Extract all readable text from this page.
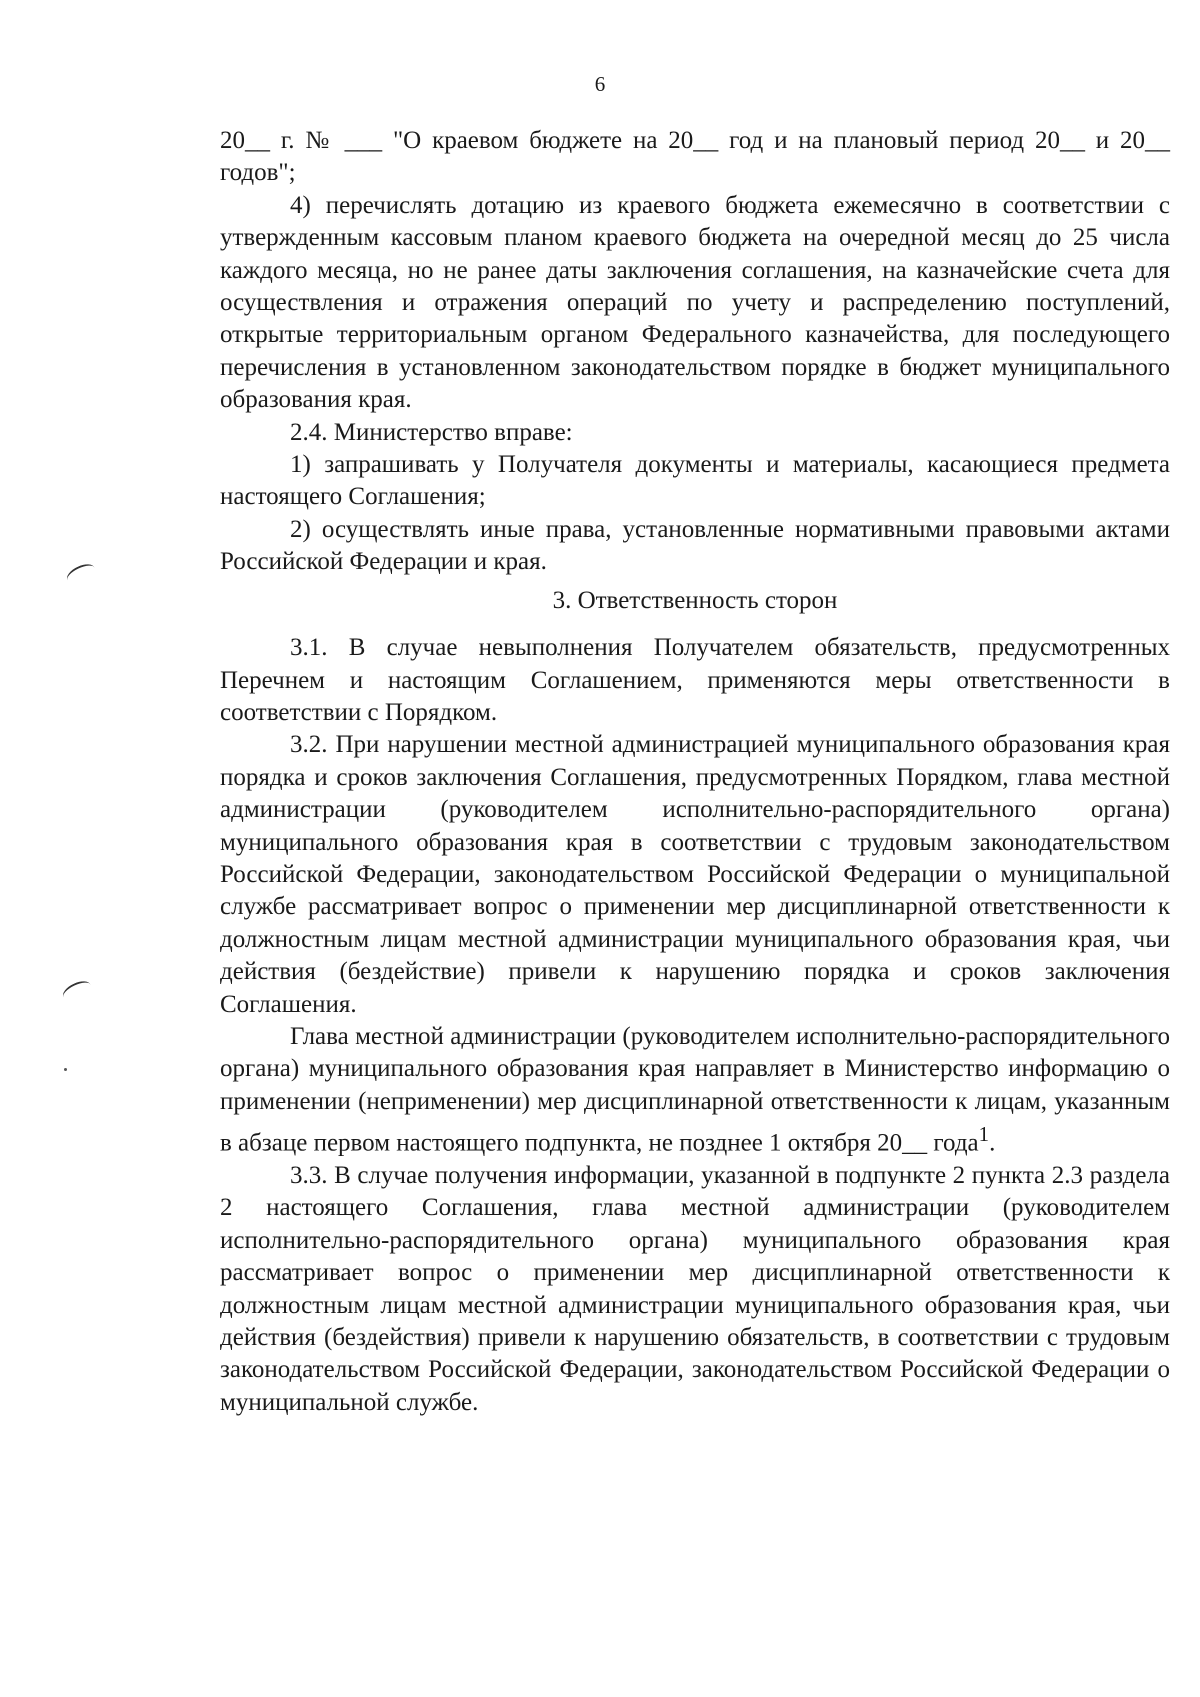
6

20__ г. № ___ "О краевом бюджете на 20__ год и на плановый период 20__ и 20__ годов";

4) перечислять дотацию из краевого бюджета ежемесячно в соответствии с утвержденным кассовым планом краевого бюджета на очередной месяц до 25 числа каждого месяца, но не ранее даты заключения соглашения, на казначейские счета для осуществления и отражения операций по учету и распределению поступлений, открытые территориальным органом Федерального казначейства, для последующего перечисления в установленном законодательством порядке в бюджет муниципального образования края.

2.4. Министерство вправе:

1) запрашивать у Получателя документы и материалы, касающиеся предмета настоящего Соглашения;

2) осуществлять иные права, установленные нормативными правовыми актами Российской Федерации и края.

3. Ответственность сторон

3.1. В случае невыполнения Получателем обязательств, предусмотренных Перечнем и настоящим Соглашением, применяются меры ответственности в соответствии с Порядком.

3.2. При нарушении местной администрацией муниципального образования края порядка и сроков заключения Соглашения, предусмотренных Порядком, глава местной администрации (руководителем исполнительно-распорядительного органа) муниципального образования края в соответствии с трудовым законодательством Российской Федерации, законодательством Российской Федерации о муниципальной службе рассматривает вопрос о применении мер дисциплинарной ответственности к должностным лицам местной администрации муниципального образования края, чьи действия (бездействие) привели к нарушению порядка и сроков заключения Соглашения.

Глава местной администрации (руководителем исполнительно-распорядительного органа) муниципального образования края направляет в Министерство информацию о применении (неприменении) мер дисциплинарной ответственности к лицам, указанным в абзаце первом настоящего подпункта, не позднее 1 октября 20__ года$^1$.

3.3. В случае получения информации, указанной в подпункте 2 пункта 2.3 раздела 2 настоящего Соглашения, глава местной администрации (руководителем исполнительно-распорядительного органа) муниципального образования края рассматривает вопрос о применении мер дисциплинарной ответственности к должностным лицам местной администрации муниципального образования края, чьи действия (бездействия) привели к нарушению обязательств, в соответствии с трудовым законодательством Российской Федерации, законодательством Российской Федерации о муниципальной службе.
